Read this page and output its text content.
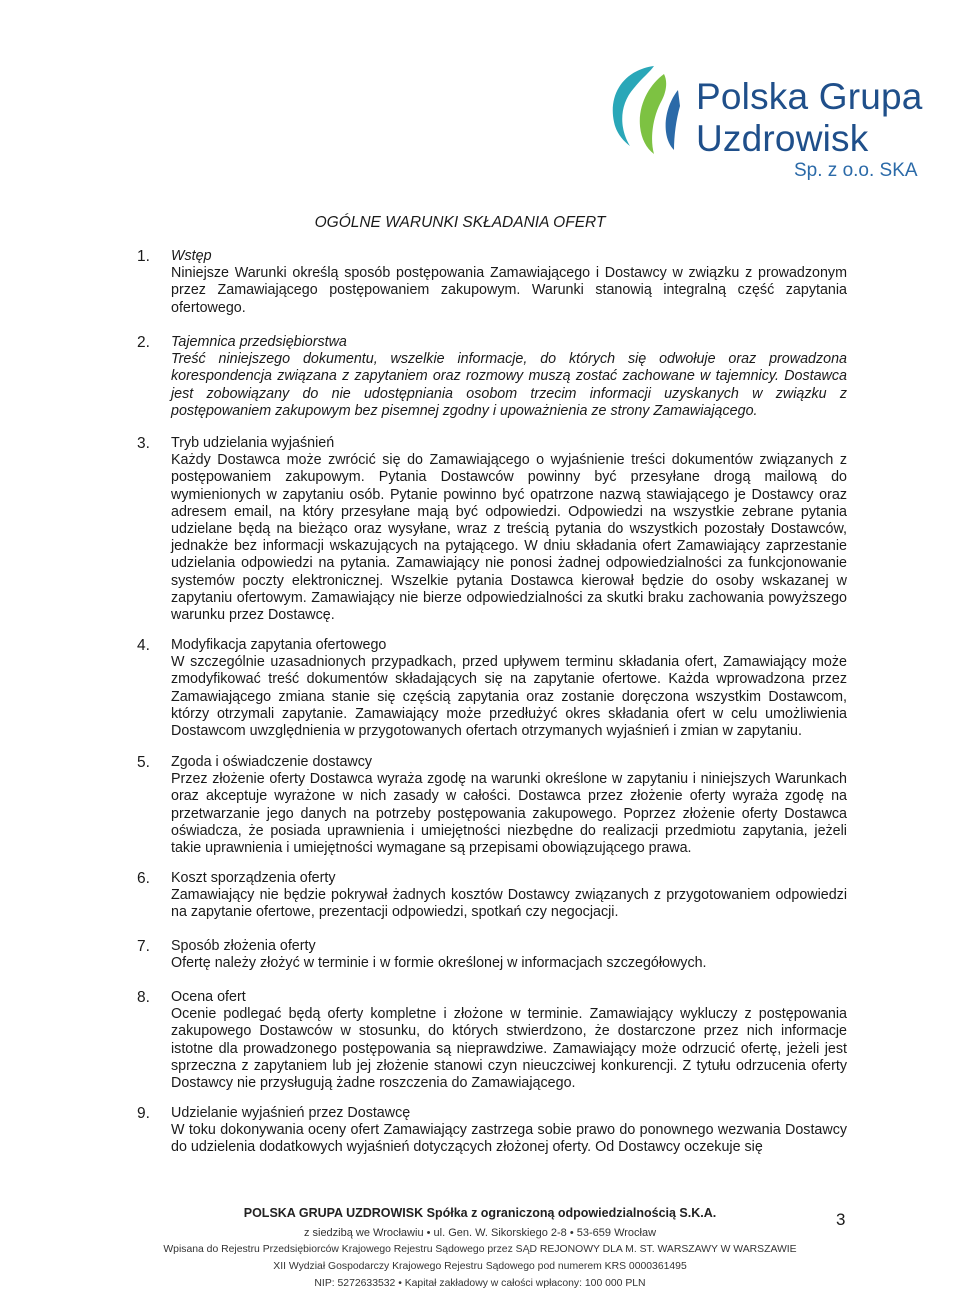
Polska Grupa
Uzdrowisk
Sp. z o.o. SKA
OGÓLNE WARUNKI SKŁADANIA OFERT
1. Wstęp
Niniejsze Warunki określą sposób postępowania Zamawiającego i Dostawcy w związku z prowadzonym przez Zamawiającego postępowaniem zakupowym. Warunki stanowią integralną część zapytania ofertowego.
2. Tajemnica przedsiębiorstwa
Treść niniejszego dokumentu, wszelkie informacje, do których się odwołuje oraz prowadzona korespondencja związana z zapytaniem oraz rozmowy muszą zostać zachowane w tajemnicy. Dostawca jest zobowiązany do nie udostępniania osobom trzecim informacji uzyskanych w związku z postępowaniem zakupowym bez pisemnej zgodny i upoważnienia ze strony Zamawiającego.
3. Tryb udzielania wyjaśnień
Każdy Dostawca może zwrócić się do Zamawiającego o wyjaśnienie treści dokumentów związanych z postępowaniem zakupowym. Pytania Dostawców powinny być przesyłane drogą mailową do wymienionych w zapytaniu osób. Pytanie powinno być opatrzone nazwą stawiającego je Dostawcy oraz adresem email, na który przesyłane mają być odpowiedzi. Odpowiedzi na wszystkie zebrane pytania udzielane będą na bieżąco oraz wysyłane, wraz z treścią pytania do wszystkich pozostały Dostawców, jednakże bez informacji wskazujących na pytającego. W dniu składania ofert Zamawiający zaprzestanie udzielania odpowiedzi na pytania. Zamawiający nie ponosi żadnej odpowiedzialności za funkcjonowanie systemów poczty elektronicznej. Wszelkie pytania Dostawca kierował będzie do osoby wskazanej w zapytaniu ofertowym. Zamawiający nie bierze odpowiedzialności za skutki braku zachowania powyższego warunku przez Dostawcę.
4. Modyfikacja zapytania ofertowego
W szczególnie uzasadnionych przypadkach, przed upływem terminu składania ofert, Zamawiający może zmodyfikować treść dokumentów składających się na zapytanie ofertowe. Każda wprowadzona przez Zamawiającego zmiana stanie się częścią zapytania oraz zostanie doręczona wszystkim Dostawcom, którzy otrzymali zapytanie. Zamawiający może przedłużyć okres składania ofert w celu umożliwienia Dostawcom uwzględnienia w przygotowanych ofertach otrzymanych wyjaśnień i zmian w zapytaniu.
5. Zgoda i oświadczenie dostawcy
Przez złożenie oferty Dostawca wyraża zgodę na warunki określone w zapytaniu i niniejszych Warunkach oraz akceptuje wyrażone w nich zasady w całości. Dostawca przez złożenie oferty wyraża zgodę na przetwarzanie jego danych na potrzeby postępowania zakupowego. Poprzez złożenie oferty Dostawca oświadcza, że posiada uprawnienia i umiejętności niezbędne do realizacji przedmiotu zapytania, jeżeli takie uprawnienia i umiejętności wymagane są przepisami obowiązującego prawa.
6. Koszt sporządzenia oferty
Zamawiający nie będzie pokrywał żadnych kosztów Dostawcy związanych z przygotowaniem odpowiedzi na zapytanie ofertowe, prezentacji odpowiedzi, spotkań czy negocjacji.
7. Sposób złożenia oferty
Ofertę należy złożyć w terminie i w formie określonej w informacjach szczegółowych.
8. Ocena ofert
Ocenie podlegać będą oferty kompletne i złożone w terminie. Zamawiający wykluczy z postępowania zakupowego Dostawców w stosunku, do których stwierdzono, że dostarczone przez nich informacje istotne dla prowadzonego postępowania są nieprawdziwe. Zamawiający może odrzucić ofertę, jeżeli jest sprzeczna z zapytaniem lub jej złożenie stanowi czyn nieuczciwej konkurencji. Z tytułu odrzucenia oferty Dostawcy nie przysługują żadne roszczenia do Zamawiającego.
9. Udzielanie wyjaśnień przez Dostawcę
W toku dokonywania oceny ofert Zamawiający zastrzega sobie prawo do ponownego wezwania Dostawcy do udzielenia dodatkowych wyjaśnień dotyczących złożonej oferty. Od Dostawcy oczekuje się
POLSKA GRUPA UZDROWISK Spółka z ograniczoną odpowiedzialnością S.K.A.
z siedzibą we Wrocławiu • ul. Gen. W. Sikorskiego 2-8 • 53-659 Wrocław
Wpisana do Rejestru Przedsiębiorców Krajowego Rejestru Sądowego przez SĄD REJONOWY DLA M. ST. WARSZAWY W WARSZAWIE
XII Wydział Gospodarczy Krajowego Rejestru Sądowego pod numerem KRS 0000361495
NIP: 5272633532 • Kapitał zakładowy w całości wpłacony: 100 000 PLN
3
